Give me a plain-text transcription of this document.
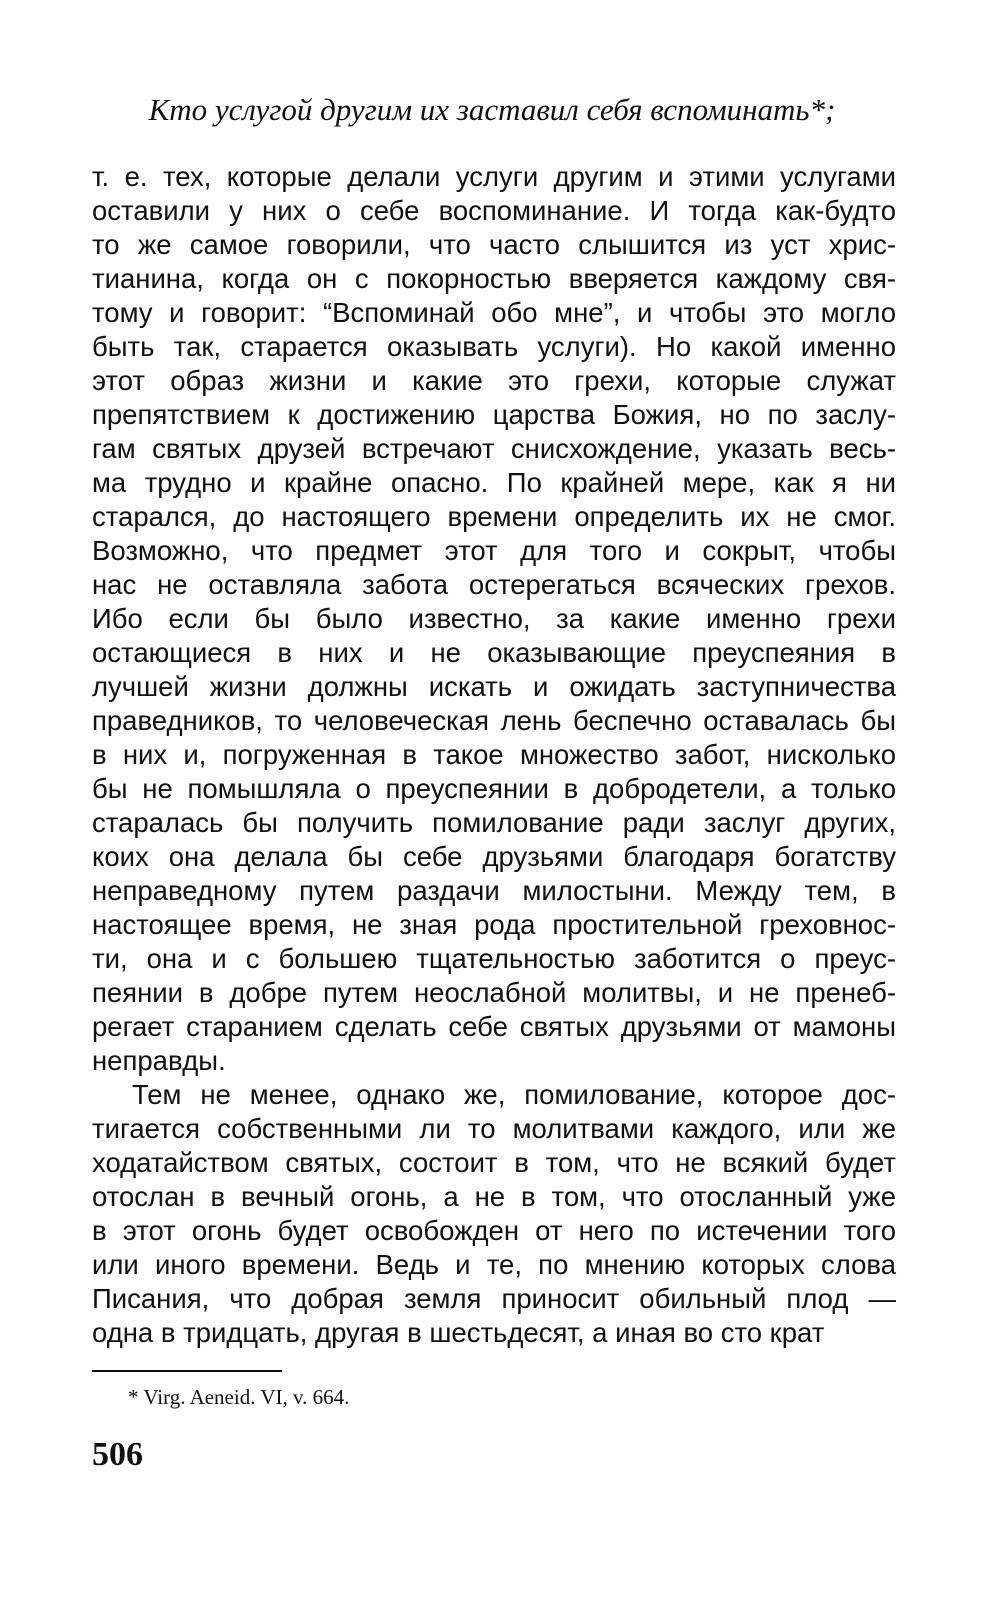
Кто услугой другим их заставил себя вспоминать*;
т. е. тех, которые делали услуги другим и этими услугами
оставили у них о себе воспоминание. И тогда как-будто
то же самое говорили, что часто слышится из уст хрис-
тианина, когда он с покорностью вверяется каждому свя-
тому и говорит: “Вспоминай обо мне”, и чтобы это могло
быть так, старается оказывать услуги). Но какой именно
этот образ жизни и какие это грехи, которые служат
препятствием к достижению царства Божия, но по заслу-
гам святых друзей встречают снисхождение, указать весь-
ма трудно и крайне опасно. По крайней мере, как я ни
старался, до настоящего времени определить их не смог.
Возможно, что предмет этот для того и сокрыт, чтобы
нас не оставляла забота остерегаться всяческих грехов.
Ибо если бы было известно, за какие именно грехи
остающиеся в них и не оказывающие преуспеяния в
лучшей жизни должны искать и ожидать заступничества
праведников, то человеческая лень беспечно оставалась бы
в них и, погруженная в такое множество забот, нисколько
бы не помышляла о преуспеянии в добродетели, а только
старалась бы получить помилование ради заслуг других,
коих она делала бы себе друзьями благодаря богатству
неправедному путем раздачи милостыни. Между тем, в
настоящее время, не зная рода простительной греховнос-
ти, она и с большею тщательностью заботится о преус-
пеянии в добре путем неослабной молитвы, и не пренеб-
регает старанием сделать себе святых друзьями от мамоны
неправды.
Тем не менее, однако же, помилование, которое дос-
тигается собственными ли то молитвами каждого, или же
ходатайством святых, состоит в том, что не всякий будет
отослан в вечный огонь, а не в том, что отосланный уже
в этот огонь будет освобожден от него по истечении того
или иного времени. Ведь и те, по мнению которых слова
Писания, что добрая земля приносит обильный плод —
одна в тридцать, другая в шестьдесят, а иная во сто крат
* Virg. Aeneid. VI, v. 664.
506
